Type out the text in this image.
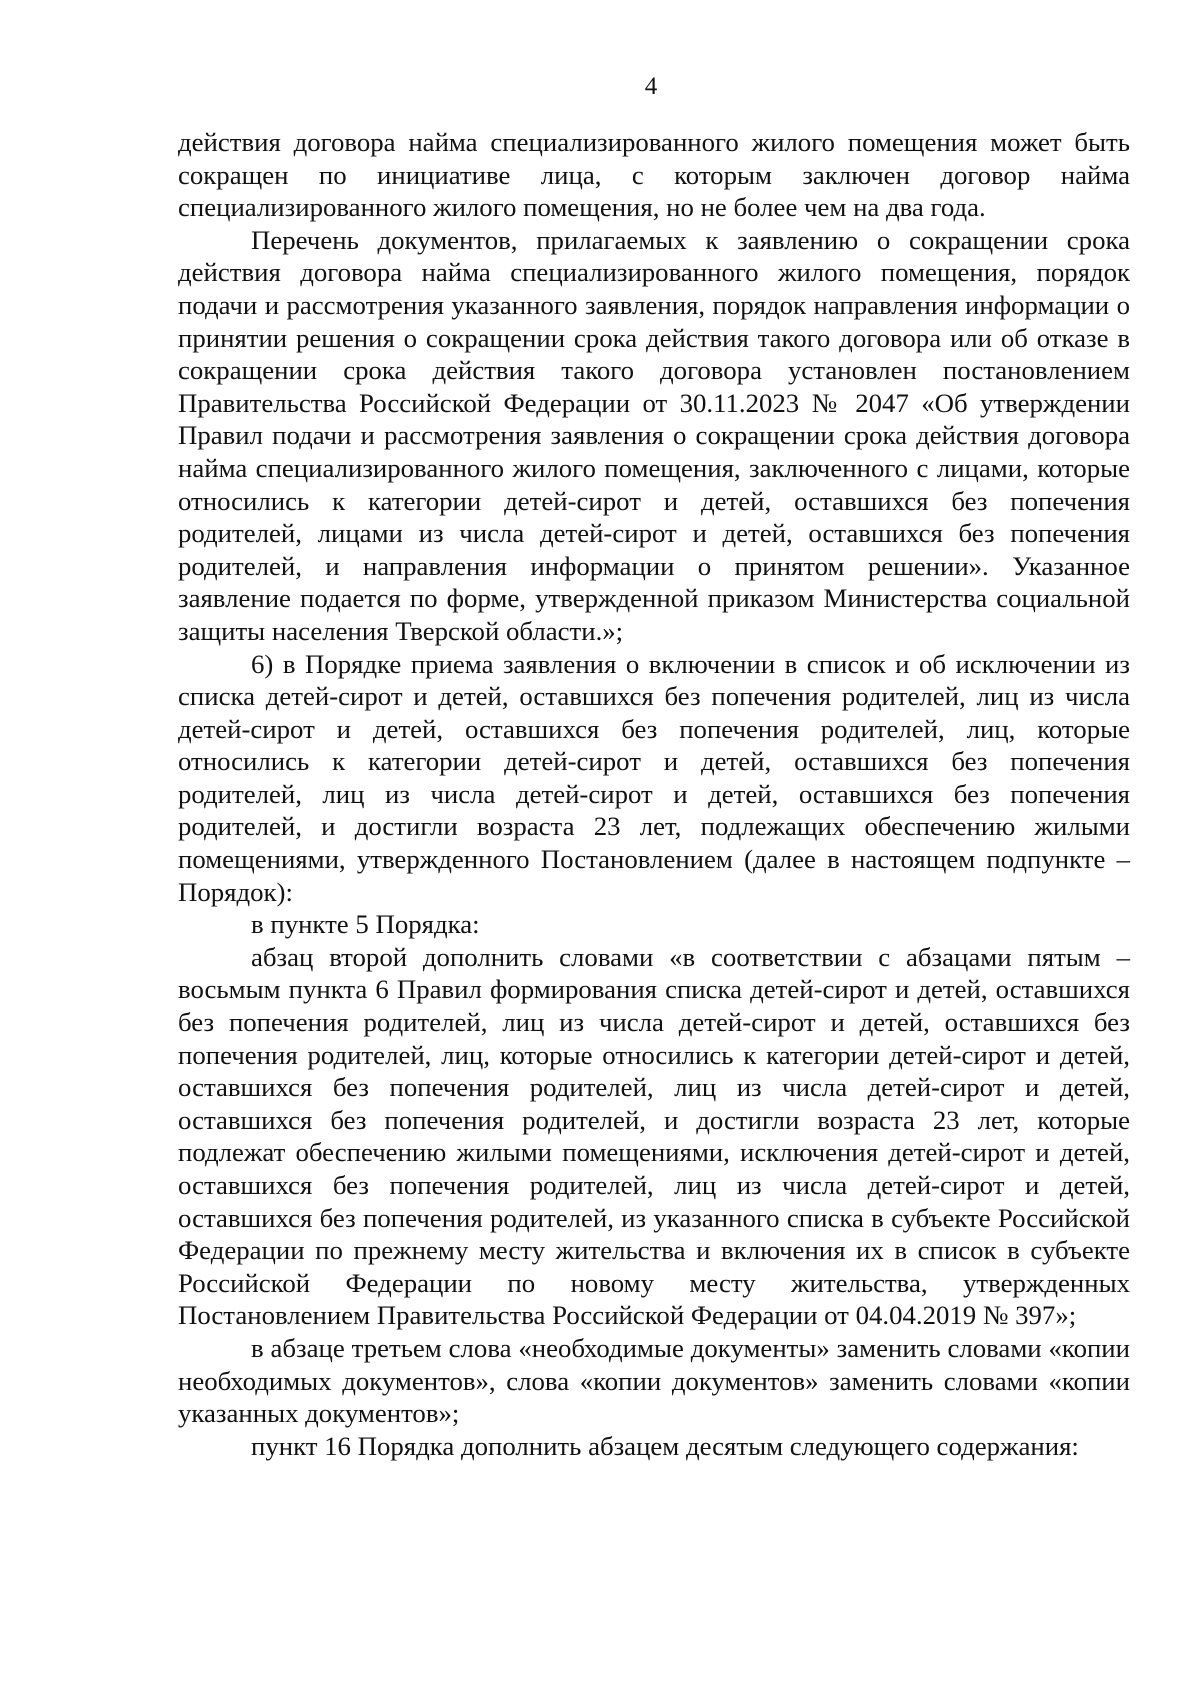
4

действия договора найма специализированного жилого помещения может быть сокращен по инициативе лица, с которым заключен договор найма специализированного жилого помещения, но не более чем на два года.

Перечень документов, прилагаемых к заявлению о сокращении срока действия договора найма специализированного жилого помещения, порядок подачи и рассмотрения указанного заявления, порядок направления информации о принятии решения о сокращении срока действия такого договора или об отказе в сокращении срока действия такого договора установлен постановлением Правительства Российской Федерации от 30.11.2023 № 2047 «Об утверждении Правил подачи и рассмотрения заявления о сокращении срока действия договора найма специализированного жилого помещения, заключенного с лицами, которые относились к категории детей-сирот и детей, оставшихся без попечения родителей, лицами из числа детей-сирот и детей, оставшихся без попечения родителей, и направления информации о принятом решении». Указанное заявление подается по форме, утвержденной приказом Министерства социальной защиты населения Тверской области.»;

6) в Порядке приема заявления о включении в список и об исключении из списка детей-сирот и детей, оставшихся без попечения родителей, лиц из числа детей-сирот и детей, оставшихся без попечения родителей, лиц, которые относились к категории детей-сирот и детей, оставшихся без попечения родителей, лиц из числа детей-сирот и детей, оставшихся без попечения родителей, и достигли возраста 23 лет, подлежащих обеспечению жилыми помещениями, утвержденного Постановлением (далее в настоящем подпункте – Порядок):

в пункте 5 Порядка:

абзац второй дополнить словами «в соответствии с абзацами пятым – восьмым пункта 6 Правил формирования списка детей-сирот и детей, оставшихся без попечения родителей, лиц из числа детей-сирот и детей, оставшихся без попечения родителей, лиц, которые относились к категории детей-сирот и детей, оставшихся без попечения родителей, лиц из числа детей-сирот и детей, оставшихся без попечения родителей, и достигли возраста 23 лет, которые подлежат обеспечению жилыми помещениями, исключения детей-сирот и детей, оставшихся без попечения родителей, лиц из числа детей-сирот и детей, оставшихся без попечения родителей, из указанного списка в субъекте Российской Федерации по прежнему месту жительства и включения их в список в субъекте Российской Федерации по новому месту жительства, утвержденных Постановлением Правительства Российской Федерации от 04.04.2019 № 397»;

в абзаце третьем слова «необходимые документы» заменить словами «копии необходимых документов», слова «копии документов» заменить словами «копии указанных документов»;

пункт 16 Порядка дополнить абзацем десятым следующего содержания:
